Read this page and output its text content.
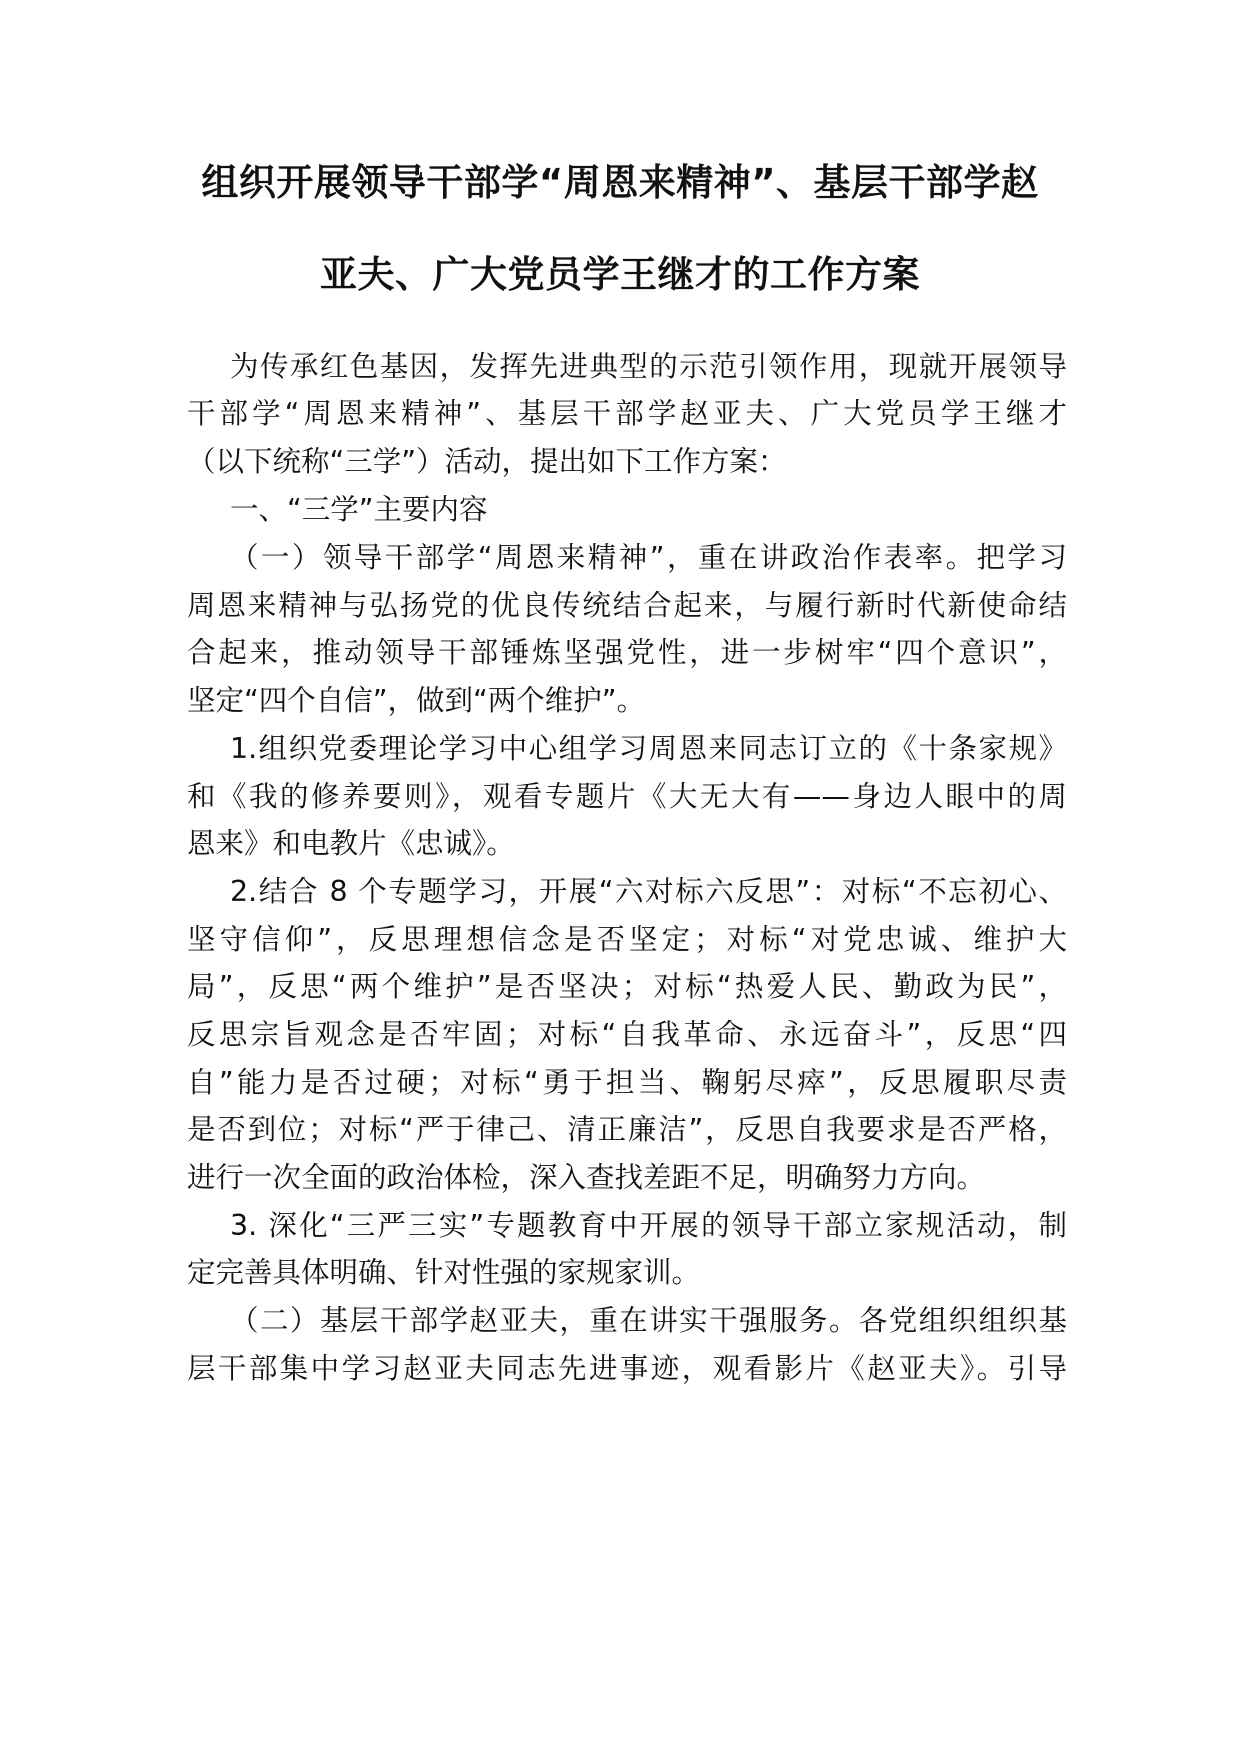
组织开展领导干部学“周恩来精神”、基层干部学赵
亚夫、广大党员学王继才的工作方案
为传承红色基因，发挥先进典型的示范引领作用，现就开展领导
干部学“周恩来精神”、基层干部学赵亚夫、广大党员学王继才
（以下统称“三学”）活动，提出如下工作方案：
一、“三学”主要内容
（一）领导干部学“周恩来精神”，重在讲政治作表率。把学习
周恩来精神与弘扬党的优良传统结合起来，与履行新时代新使命结
合起来，推动领导干部锤炼坚强党性，进一步树牢“四个意识”，
坚定“四个自信”，做到“两个维护”。
1.组织党委理论学习中心组学习周恩来同志订立的《十条家规》
和《我的修养要则》，观看专题片《大无大有——身边人眼中的周
恩来》和电教片《忠诚》。
2.结合 8 个专题学习，开展“六对标六反思”：对标“不忘初心、
坚守信仰”，反思理想信念是否坚定；对标“对党忠诚、维护大
局”，反思“两个维护”是否坚决；对标“热爱人民、勤政为民”，
反思宗旨观念是否牢固；对标“自我革命、永远奋斗”，反思“四
自”能力是否过硬；对标“勇于担当、鞠躬尽瘁”，反思履职尽责
是否到位；对标“严于律己、清正廉洁”，反思自我要求是否严格，
进行一次全面的政治体检，深入查找差距不足，明确努力方向。
3. 深化“三严三实”专题教育中开展的领导干部立家规活动，制
定完善具体明确、针对性强的家规家训。
（二）基层干部学赵亚夫，重在讲实干强服务。各党组织组织基
层干部集中学习赵亚夫同志先进事迹，观看影片《赵亚夫》。引导
